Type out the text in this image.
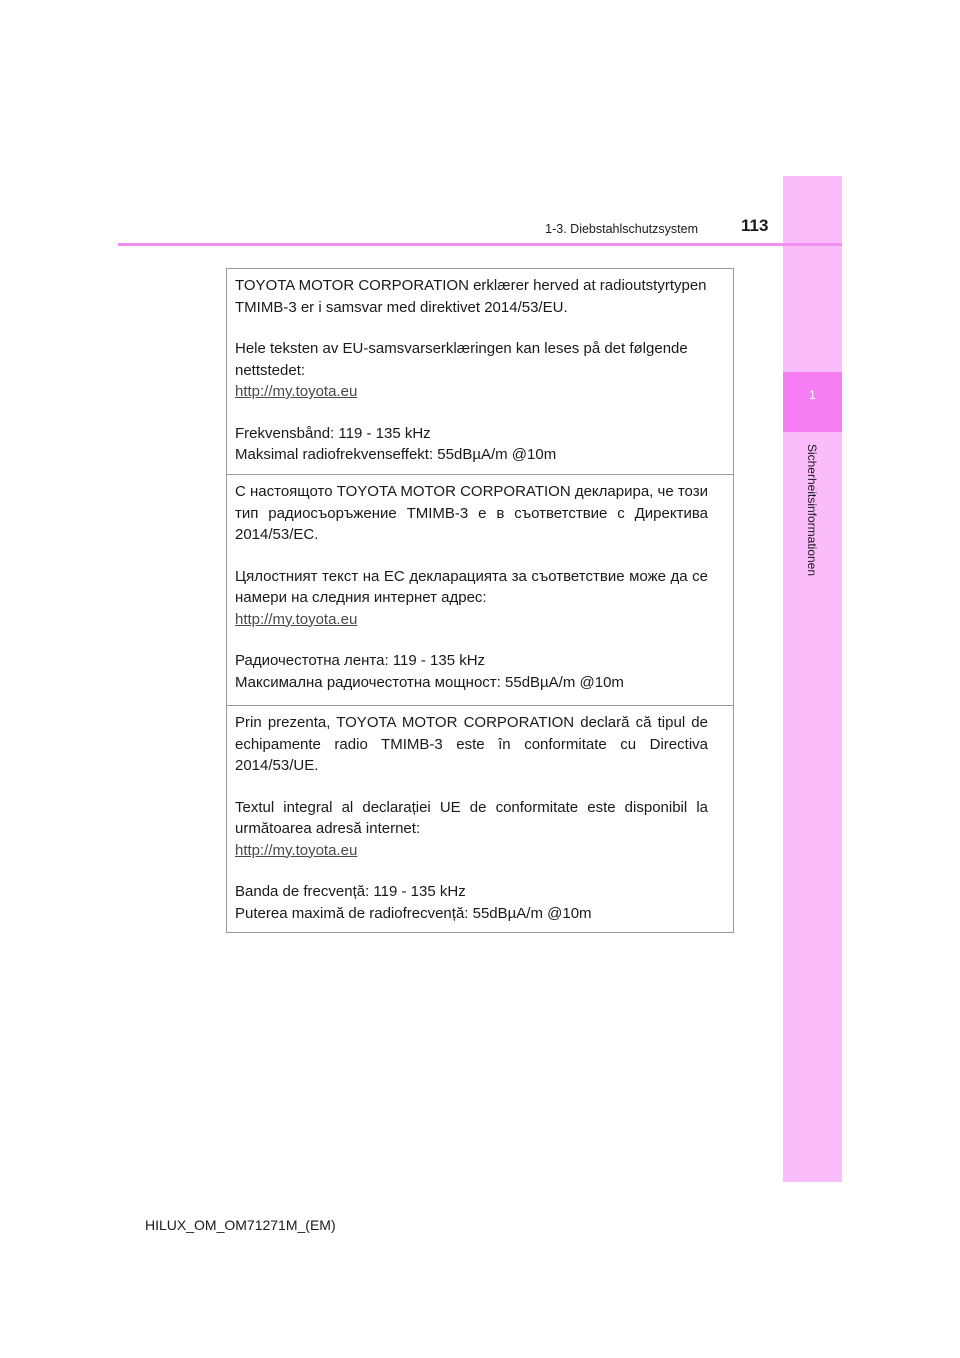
1
Sicherheitsinformationen
1-3. Diebstahlschutzsystem	113

TOYOTA MOTOR CORPORATION erklærer herved at radioutstyrtypen TMIMB-3 er i samsvar med direktivet 2014/53/EU.

Hele teksten av EU-samsvarserklæringen kan leses på det følgende nettstedet:
http://my.toyota.eu

Frekvensbånd: 119 - 135 kHz
Maksimal radiofrekvenseffekt: 55dBµA/m @10m

С настоящото TOYOTA MOTOR CORPORATION декларира, че този тип радиосъоръжение TMIMB-3 е в съответствие с Директива 2014/53/ЕС.

Цялостният текст на ЕС декларацията за съответствие може да се намери на следния интернет адрес:
http://my.toyota.eu

Радиочестотна лента: 119 - 135 kHz
Максимална радиочестотна мощност: 55dBµA/m @10m

Prin prezenta, TOYOTA MOTOR CORPORATION declară că tipul de echipamente radio TMIMB-3 este în conformitate cu Directiva 2014/53/UE.

Textul integral al declarației UE de conformitate este disponibil la următoarea adresă internet:
http://my.toyota.eu

Banda de frecvență: 119 - 135 kHz
Puterea maximă de radiofrecvență: 55dBµA/m @10m

HILUX_OM_OM71271M_(EM)
